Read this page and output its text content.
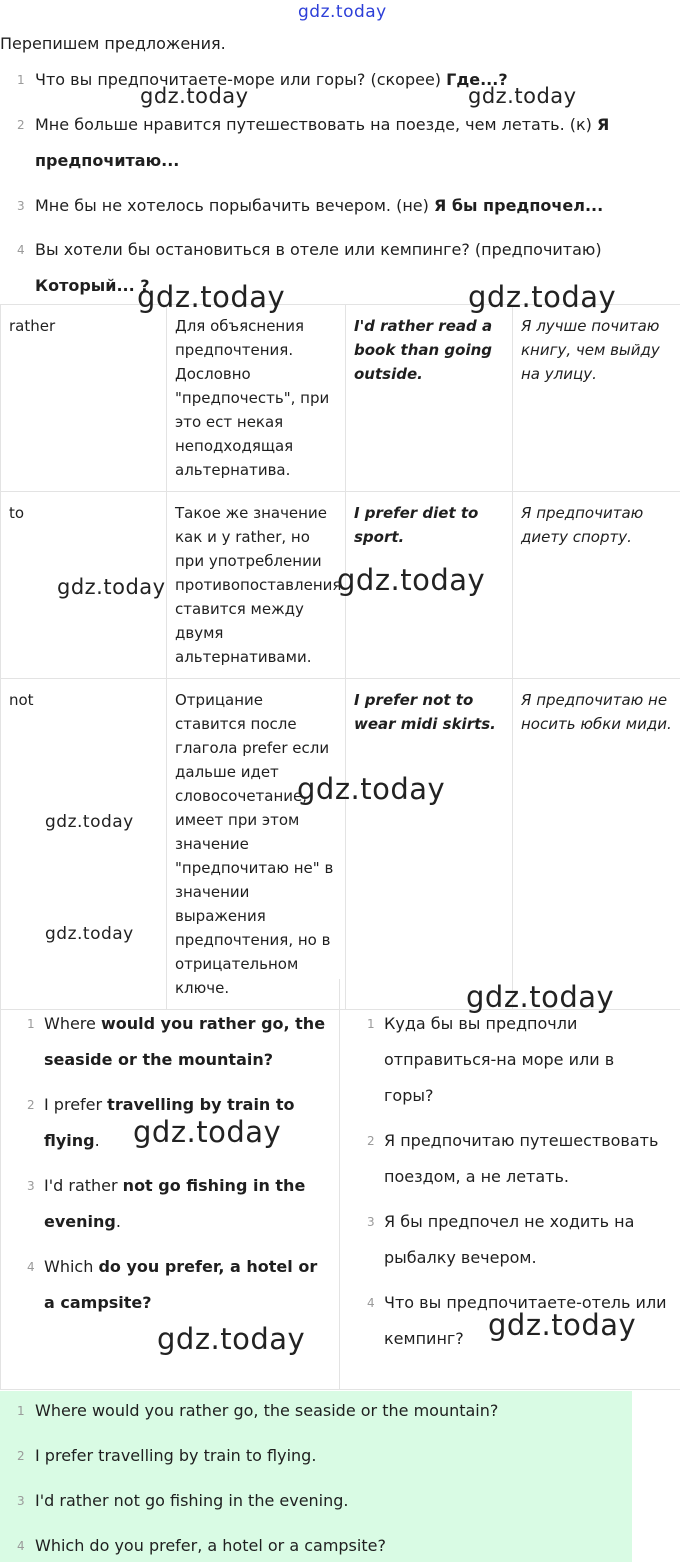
gdz.today
Перепишем предложения.
1 Что вы предпочитаете-море или горы? (скорее) Где...?
2 Мне больше нравится путешествовать на поезде, чем летать. (к) Я предпочитаю...
3 Мне бы не хотелось порыбачить вечером. (не) Я бы предпочел...
4 Вы хотели бы остановиться в отеле или кемпинге? (предпочитаю) Который... ?
rather	Для объяснения предпочтения. Дословно "предпочесть", при это ест некая неподходящая альтернатива.	I'd rather read a book than going outside.	Я лучше почитаю книгу, чем выйду на улицу.
to	Такое же значение как и у rather, но при употреблении противопоставления ставится между двумя альтернативами.	I prefer diet to sport.	Я предпочитаю диету спорту.
not	Отрицание ставится после глагола prefer если дальше идет словосочетание, имеет при этом значение "предпочитаю не" в значении выражения предпочтения, но в отрицательном ключе.	I prefer not to wear midi skirts.	Я предпочитаю не носить юбки миди.
1 Where would you rather go, the seaside or the mountain?
2 I prefer travelling by train to flying.
3 I'd rather not go fishing in the evening.
4 Which do you prefer, a hotel or a campsite?
1 Куда бы вы предпочли отправиться-на море или в горы?
2 Я предпочитаю путешествовать поездом, а не летать.
3 Я бы предпочел не ходить на рыбалку вечером.
4 Что вы предпочитаете-отель или кемпинг?
1 Where would you rather go, the seaside or the mountain?
2 I prefer travelling by train to flying.
3 I'd rather not go fishing in the evening.
4 Which do you prefer, a hotel or a campsite?
gdz.today	gdz.today
gdz.today	gdz.today
gdz.today	gdz.today
gdz.today
gdz.today
gdz.today
gdz.today
gdz.today
gdz.today
gdz.today
